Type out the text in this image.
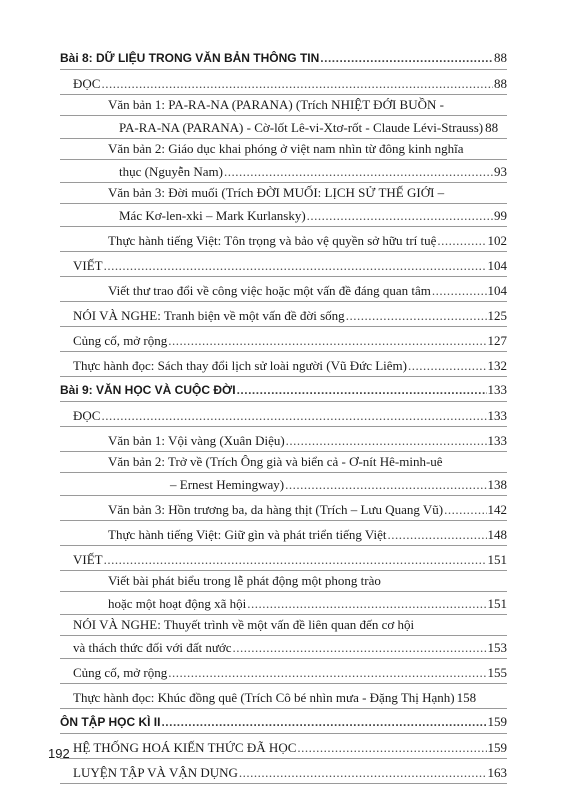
Bài 8: DỮ LIỆU TRONG VĂN BẢN THÔNG TIN .....	88
ĐỌC .....	88
Văn bản 1: PA-RA-NA (PARANA) (Trích NHIỆT ĐỚI BUỒN -
PA-RA-NA (PARANA) - Cờ-lốt Lê-vi-Xtơ-rốt - Claude Lévi-Strauss) 88
Văn bản 2: Giáo dục khai phóng ở việt nam nhìn từ đông kinh nghĩa
thục (Nguyễn Nam) .....	93
Văn bản 3: Đời muối (Trích ĐỜI MUỐI: LỊCH SỬ THẾ GIỚI –
Mác Kơ-len-xki – Mark Kurlansky) .....	99
Thực hành tiếng Việt: Tôn trọng và bảo vệ quyền sở hữu trí tuệ .....	102
VIẾT .....	104
Viết thư trao đổi về công việc hoặc một vấn đề đáng quan tâm .....	104
NÓI VÀ NGHE: Tranh biện về một vấn đề đời sống .....	125
Củng cố, mở rộng .....	127
Thực hành đọc: Sách thay đổi lịch sử loài người (Vũ Đức Liêm) .....	132
Bài 9: VĂN HỌC VÀ CUỘC ĐỜI .....	133
ĐỌC .....	133
Văn bản 1: Vội vàng (Xuân Diệu) .....	133
Văn bản 2: Trở về (Trích Ông già và biển cả - Ơ-nít Hê-minh-uê
– Ernest Hemingway) .....	138
Văn bản 3: Hồn trương ba, da hàng thịt (Trích – Lưu Quang Vũ) .....	142
Thực hành tiếng Việt: Giữ gìn và phát triển tiếng Việt .....	148
VIẾT .....	151
Viết bài phát biểu trong lễ phát động một phong trào
hoặc một hoạt động xã hội .....	151
NÓI VÀ NGHE: Thuyết trình về một vấn đề liên quan đến cơ hội
và thách thức đối với đất nước .....	153
Củng cố, mở rộng .....	155
Thực hành đọc: Khúc đồng quê (Trích Cô bé nhìn mưa - Đặng Thị Hạnh) 158
ÔN TẬP HỌC KÌ II .....	159
HỆ THỐNG HOÁ KIẾN THỨC ĐÃ HỌC .....	159
LUYỆN TẬP VÀ VẬN DỤNG .....	163
192
